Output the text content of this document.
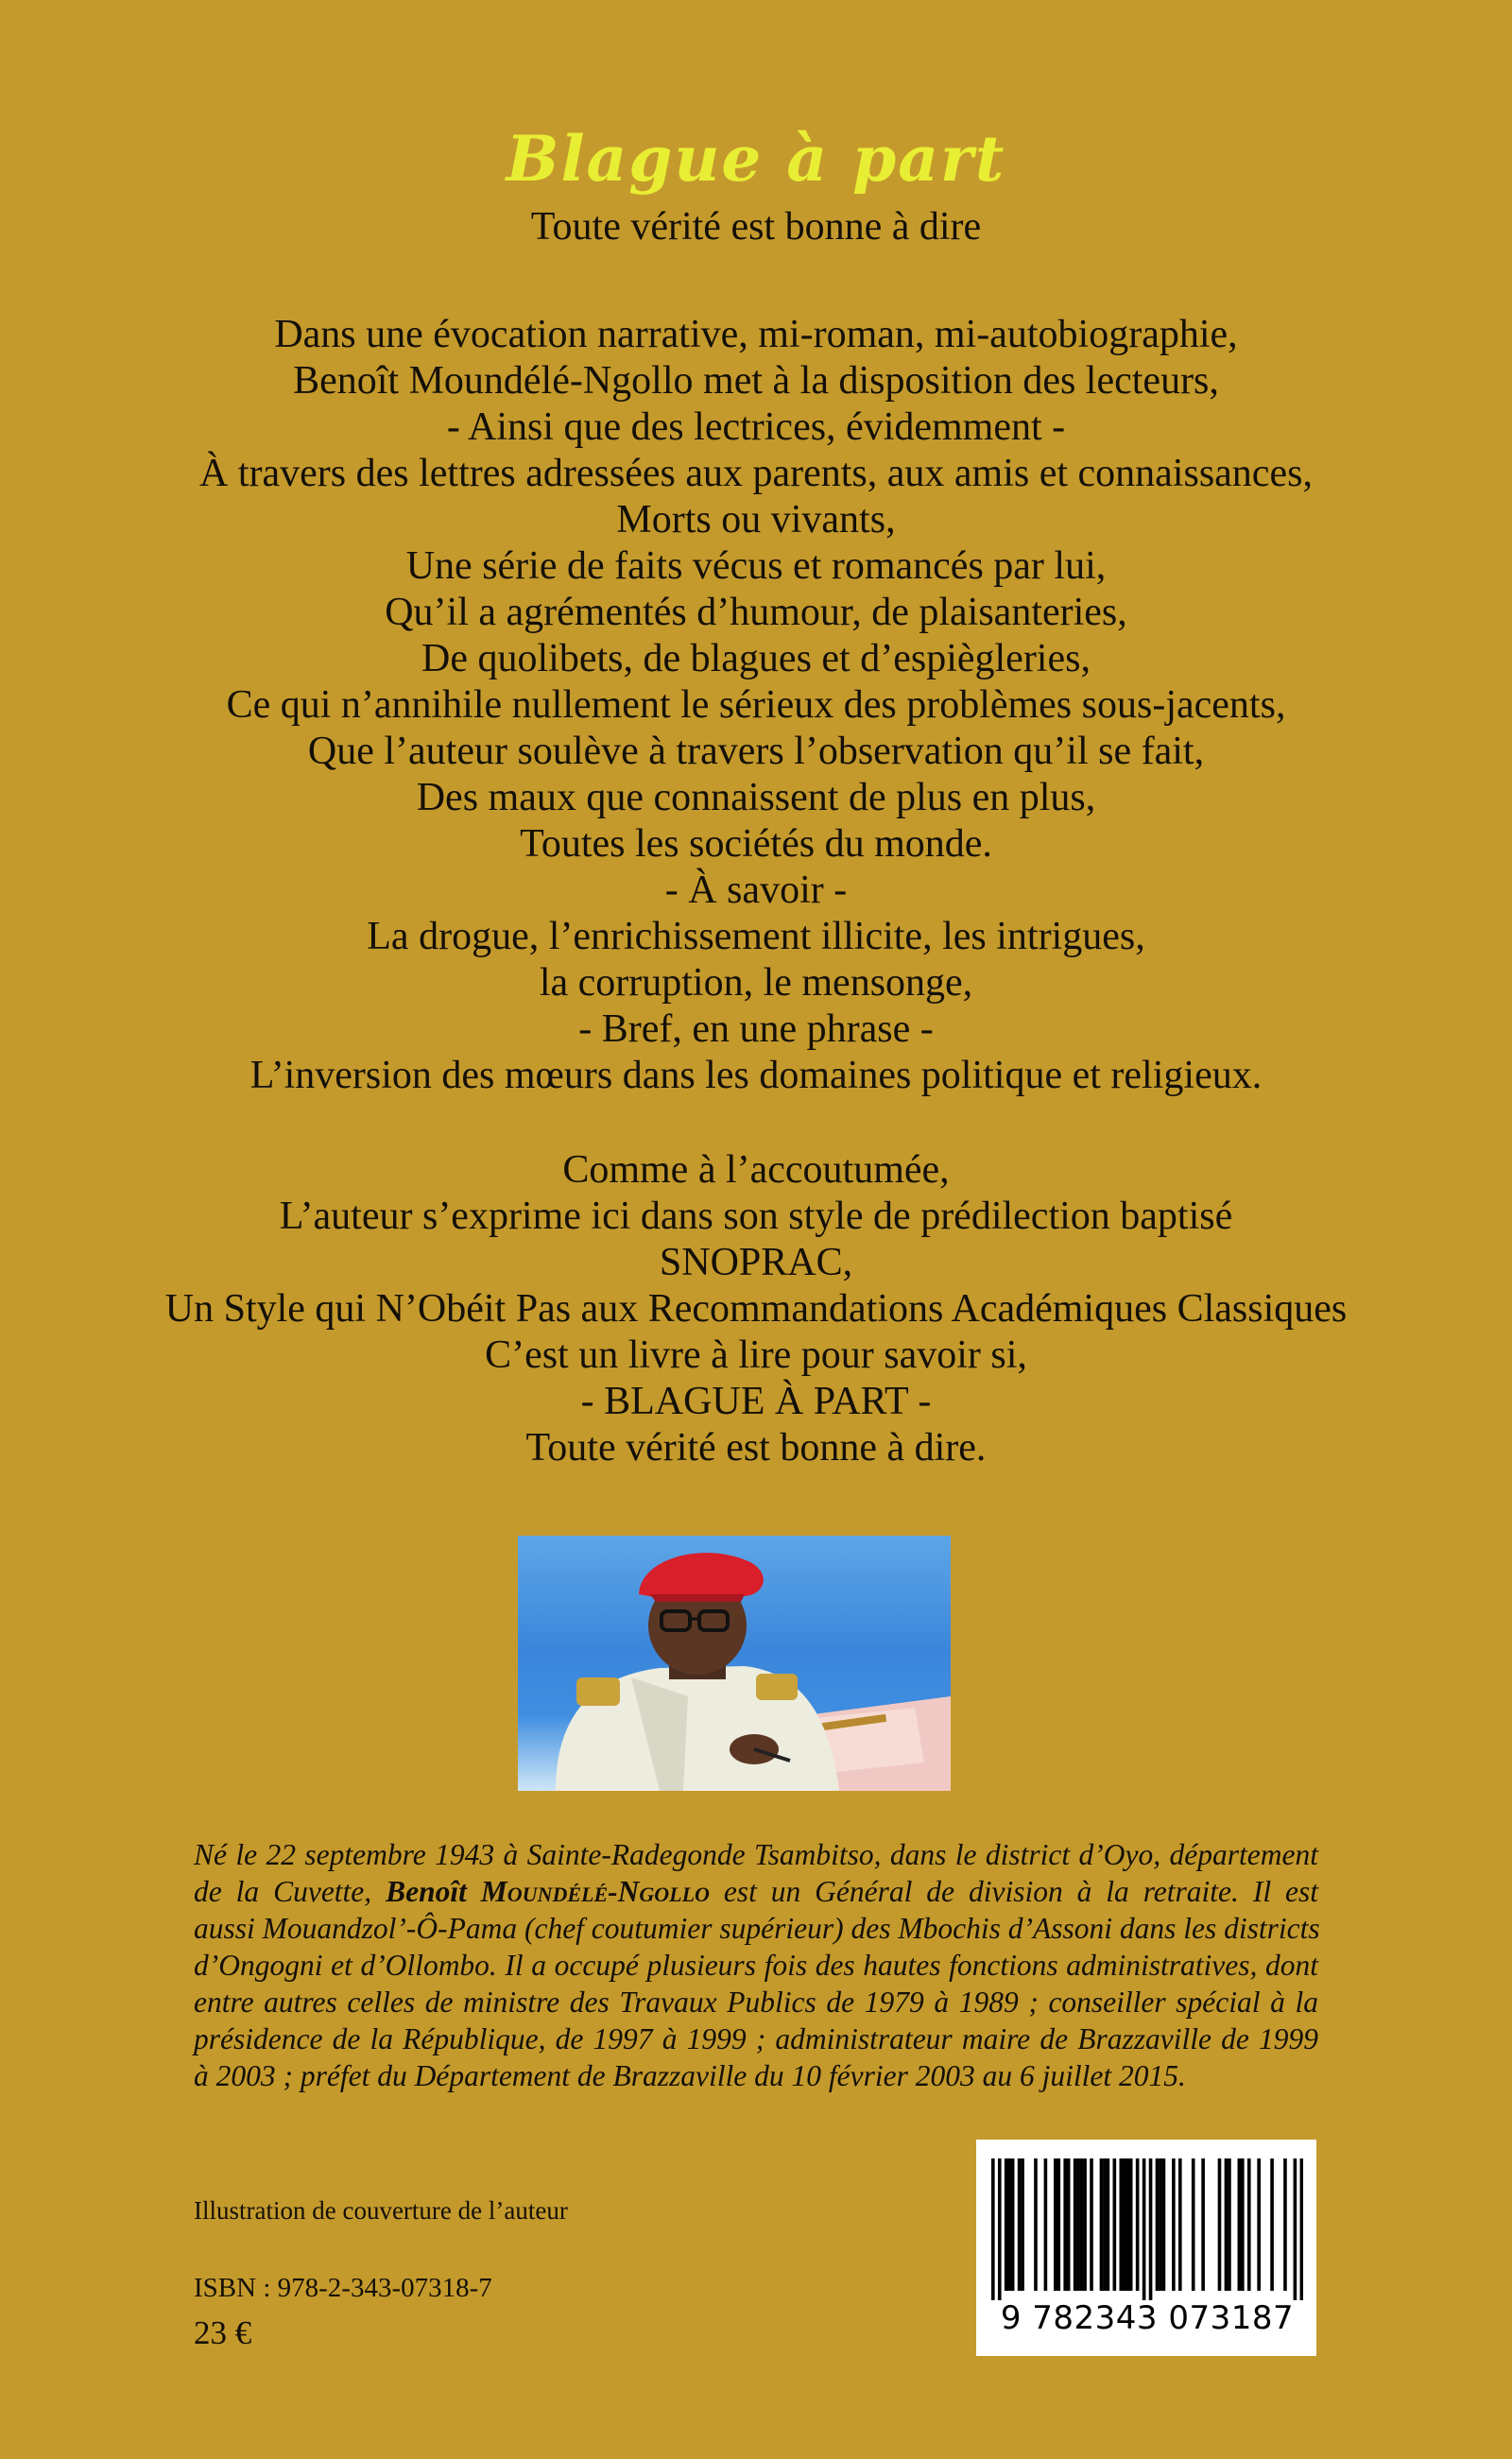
Blague à part
Toute vérité est bonne à dire
Dans une évocation narrative, mi-roman, mi-autobiographie,
Benoît Moundélé-Ngollo met à la disposition des lecteurs,
- Ainsi que des lectrices, évidemment -
À travers des lettres adressées aux parents, aux amis et connaissances,
Morts ou vivants,
Une série de faits vécus et romancés par lui,
Qu’il a agrémentés d’humour, de plaisanteries,
De quolibets, de blagues et d’espiègleries,
Ce qui n’annihile nullement le sérieux des problèmes sous-jacents,
Que l’auteur soulève à travers l’observation qu’il se fait,
Des maux que connaissent de plus en plus,
Toutes les sociétés du monde.
- À savoir -
La drogue, l’enrichissement illicite, les intrigues,
la corruption, le mensonge,
- Bref, en une phrase -
L’inversion des mœurs dans les domaines politique et religieux.
Comme à l’accoutumée,
L’auteur s’exprime ici dans son style de prédilection baptisé
SNOPRAC,
Un Style qui N’Obéit Pas aux Recommandations Académiques Classiques
C’est un livre à lire pour savoir si,
- BLAGUE À PART -
Toute vérité est bonne à dire.
Né le 22 septembre 1943 à Sainte-Radegonde Tsambitso, dans le district d’Oyo, département
de la Cuvette, Benoît Moundélé-Ngollo est un Général de division à la retraite. Il est
aussi Mouandzol’-Ô-Pama (chef coutumier supérieur) des Mbochis d’Assoni dans les districts
d’Ongogni et d’Ollombo. Il a occupé plusieurs fois des hautes fonctions administratives, dont
entre autres celles de ministre des Travaux Publics de 1979 à 1989 ; conseiller spécial à la
présidence de la République, de 1997 à 1999 ; administrateur maire de Brazzaville de 1999
à 2003 ; préfet du Département de Brazzaville du 10 février 2003 au 6 juillet 2015.
Illustration de couverture de l’auteur
ISBN : 978-2-343-07318-7
23 €	9 782343 073187
